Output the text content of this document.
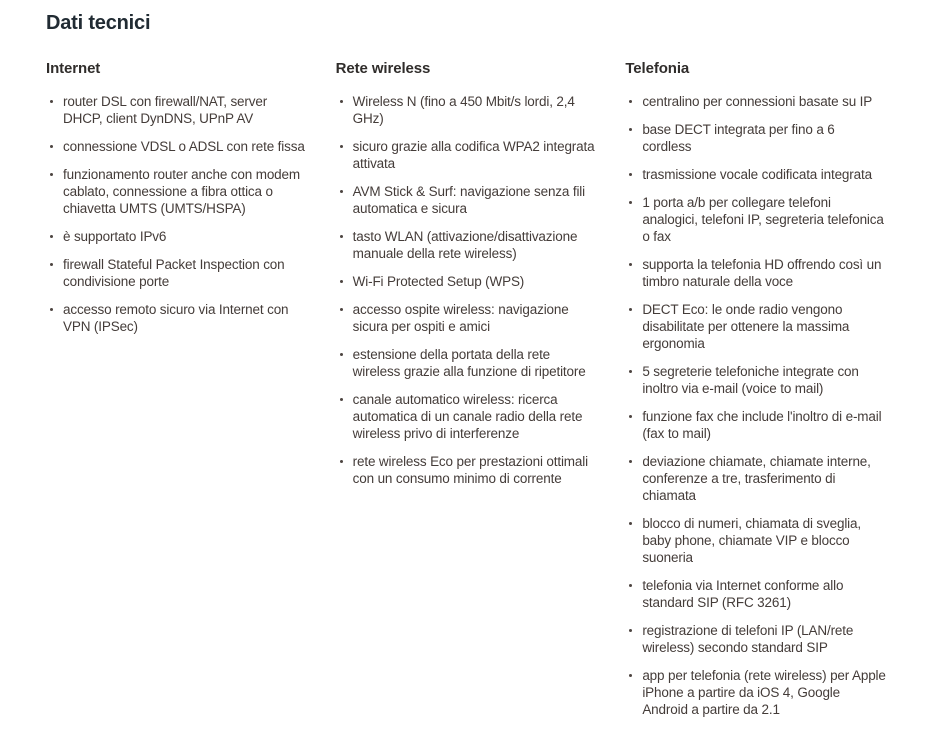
Dati tecnici
Internet
router DSL con firewall/NAT, server DHCP, client DynDNS, UPnP AV
connessione VDSL o ADSL con rete fissa
funzionamento router anche con modem cablato, connessione a fibra ottica o chiavetta UMTS (UMTS/HSPA)
è supportato IPv6
firewall Stateful Packet Inspection con condivisione porte
accesso remoto sicuro via Internet con VPN (IPSec)
Rete wireless
Wireless N (fino a 450 Mbit/s lordi, 2,4 GHz)
sicuro grazie alla codifica WPA2 integrata attivata
AVM Stick & Surf: navigazione senza fili automatica e sicura
tasto WLAN (attivazione/disattivazione manuale della rete wireless)
Wi-Fi Protected Setup (WPS)
accesso ospite wireless: navigazione sicura per ospiti e amici
estensione della portata della rete wireless grazie alla funzione di ripetitore
canale automatico wireless: ricerca automatica di un canale radio della rete wireless privo di interferenze
rete wireless Eco per prestazioni ottimali con un consumo minimo di corrente
Telefonia
centralino per connessioni basate su IP
base DECT integrata per fino a 6 cordless
trasmissione vocale codificata integrata
1 porta a/b per collegare telefoni analogici, telefoni IP, segreteria telefonica o fax
supporta la telefonia HD offrendo così un timbro naturale della voce
DECT Eco: le onde radio vengono disabilitate per ottenere la massima ergonomia
5 segreterie telefoniche integrate con inoltro via e-mail (voice to mail)
funzione fax che include l'inoltro di e-mail (fax to mail)
deviazione chiamate, chiamate interne, conferenze a tre, trasferimento di chiamata
blocco di numeri, chiamata di sveglia, baby phone, chiamate VIP e blocco suoneria
telefonia via Internet conforme allo standard SIP (RFC 3261)
registrazione di telefoni IP (LAN/rete wireless) secondo standard SIP
app per telefonia (rete wireless) per Apple iPhone a partire da iOS 4, Google Android a partire da 2.1
